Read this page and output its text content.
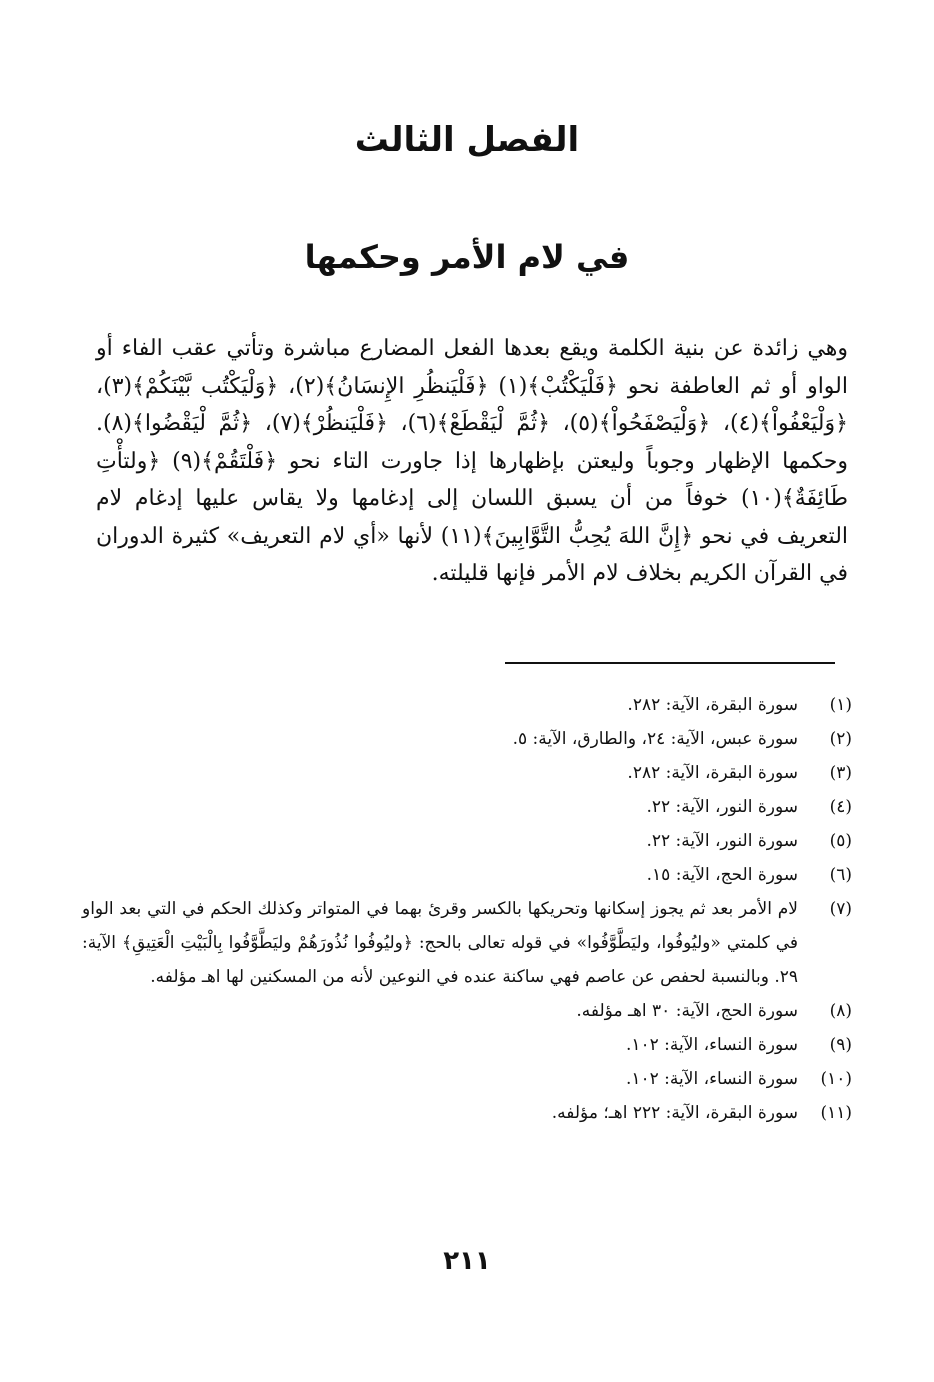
الفصل الثالث
في لام الأمر وحكمها

وهي زائدة عن بنية الكلمة ويقع بعدها الفعل المضارع مباشرة وتأتي عقب الفاء أو الواو أو ثم العاطفة نحو ﴿فَلْيَكْتُبْ﴾(١) ﴿فَلْيَنظُرِ الإِنسَانُ﴾(٢)، ﴿وَلْيَكْتُب بَّيْنَكُمْ﴾(٣)، ﴿وَلْيَعْفُواْ﴾(٤)، ﴿وَلْيَصْفَحُواْ﴾(٥)، ﴿ثُمَّ لْيَقْطَعْ﴾(٦)، ﴿فَلْيَنظُرْ﴾(٧)، ﴿ثُمَّ لْيَقْضُوا﴾(٨). وحكمها الإظهار وجوباً وليعتن بإظهارها إذا جاورت التاء نحو ﴿فَلْتَقُمْ﴾(٩) ﴿ولتأْتِ طَائِفَةٌ﴾(١٠) خوفاً من أن يسبق اللسان إلى إدغامها ولا يقاس عليها إدغام لام التعريف في نحو ﴿إِنَّ اللهَ يُحِبُّ التَّوَّابِينَ﴾(١١) لأنها «أي لام التعريف» كثيرة الدوران في القرآن الكريم بخلاف لام الأمر فإنها قليلته.

(١)
سورة البقرة، الآية: ٢٨٢.
(٢)
سورة عبس، الآية: ٢٤، والطارق، الآية: ٥.
(٣)
سورة البقرة، الآية: ٢٨٢.
(٤)
سورة النور، الآية: ٢٢.
(٥)
سورة النور، الآية: ٢٢.
(٦)
سورة الحج، الآية: ١٥.
(٧)
لام الأمر بعد ثم يجوز إسكانها وتحريكها بالكسر وقرئ بهما في المتواتر وكذلك الحكم في التي بعد الواو في كلمتي «وليُوفُوا، وليَطَّوَّفُوا» في قوله تعالى بالحج: ﴿وليُوفُوا نُذُورَهُمْ وليَطَّوَّفُوا بِالْبَيْتِ الْعَتِيقِ﴾ الآية: ٢٩. وبالنسبة لحفص عن عاصم فهي ساكنة عنده في النوعين لأنه من المسكنين لها اهـ مؤلفه.
(٨)
سورة الحج، الآية: ٣٠ اهـ مؤلفه.
(٩)
سورة النساء، الآية: ١٠٢.
(١٠)
سورة النساء، الآية: ١٠٢.
(١١)
سورة البقرة، الآية: ٢٢٢ اهـ؛ مؤلفه.
٢١١
